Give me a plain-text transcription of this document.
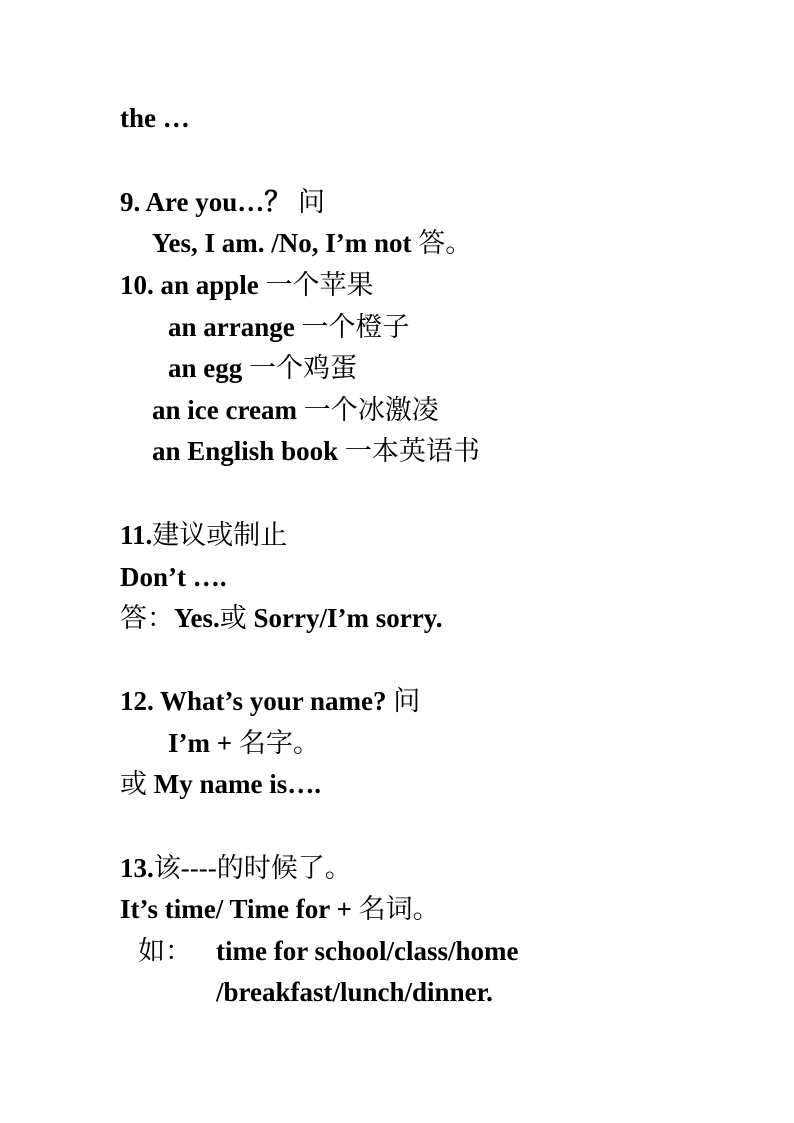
the …
9. Are you…？ 问
Yes, I am. /No, I’m not 答。
10. an apple 一个苹果
an arrange 一个橙子
an egg 一个鸡蛋
an ice cream 一个冰激凌
an English book 一本英语书
11.建议或制止
Don’t ….
答：Yes.或 Sorry/I’m sorry.
12. What’s your name? 问
I’m + 名字。
或 My name is….
13.该----的时候了。
It’s time/ Time for + 名词。
如： time for school/class/home
/breakfast/lunch/dinner.
